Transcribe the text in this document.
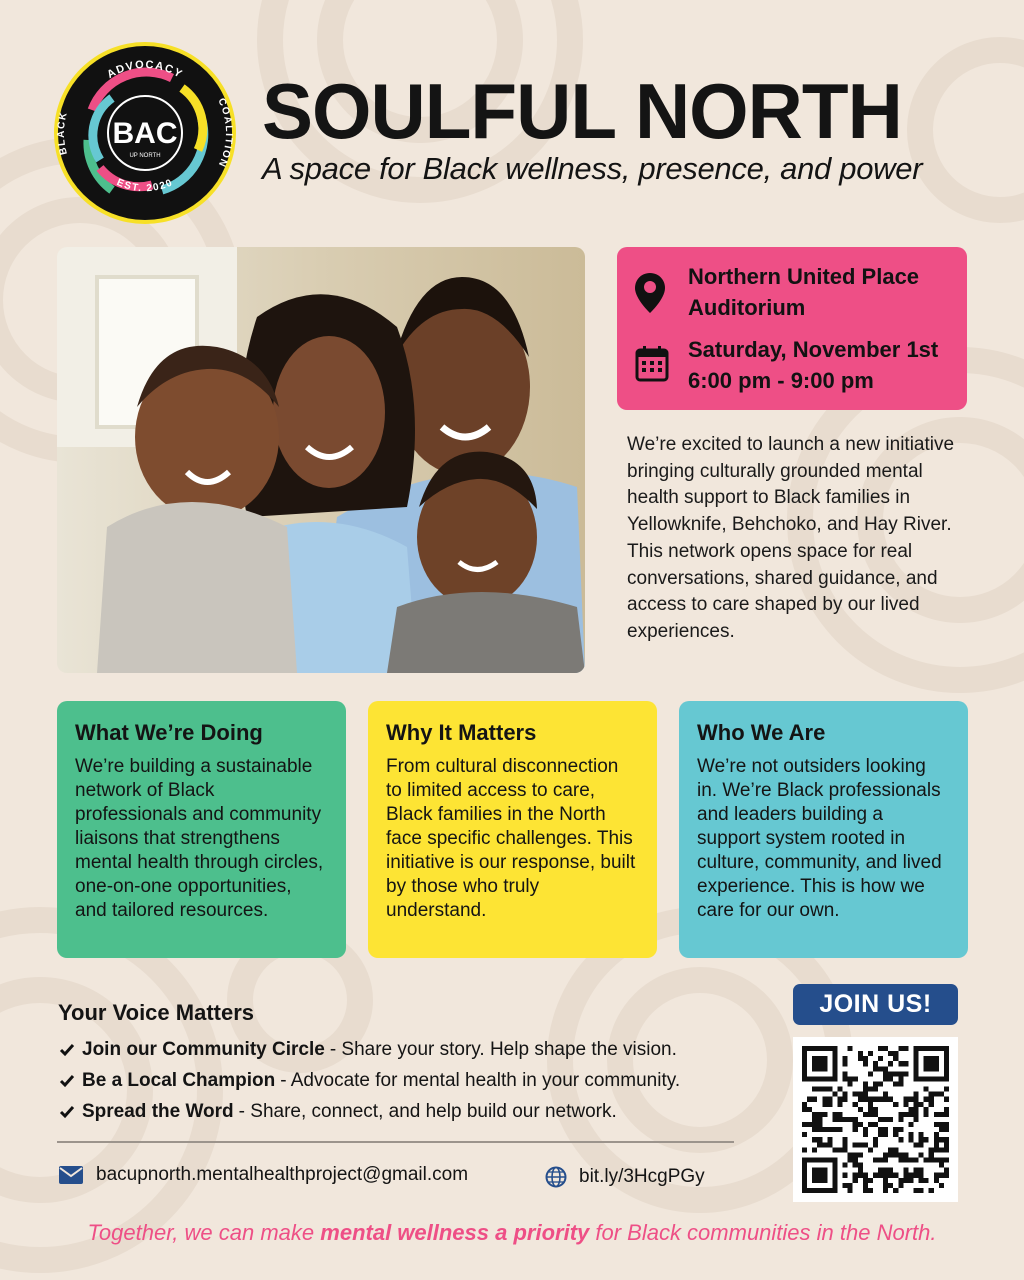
BAC
UP NORTH
ADVOCACY
BLACK
COALITION
EST. 2020
SOULFUL NORTH
A space for Black wellness, presence, and power
Northern United Place
Auditorium
Saturday, November 1st
6:00 pm - 9:00 pm
We’re excited to launch a new initiative bringing culturally grounded mental health support to Black families in Yellowknife, Behchoko, and Hay River. This network opens space for real conversations, shared guidance, and access to care shaped by our lived experiences.
What We’re Doing

We’re building a sustainable network of Black professionals and community liaisons that strengthens mental health through circles, one-on-one opportunities, and tailored resources.

Why It Matters

From cultural disconnection to limited access to care, Black families in the North face specific challenges. This initiative is our response, built by those who truly understand.

Who We Are

We’re not outsiders looking in. We’re Black professionals and leaders building a support system rooted in culture, community, and lived experience. This is how we care for our own.

Your Voice Matters
Join our Community Circle - Share your story. Help shape the vision.
Be a Local Champion - Advocate for mental health in your community.
Spread the Word - Share, connect, and help build our network.
bacupnorth.mentalhealthproject@gmail.com	bit.ly/3HcgPGy
JOIN US!
Together, we can make mental wellness a priority for Black communities in the North.
